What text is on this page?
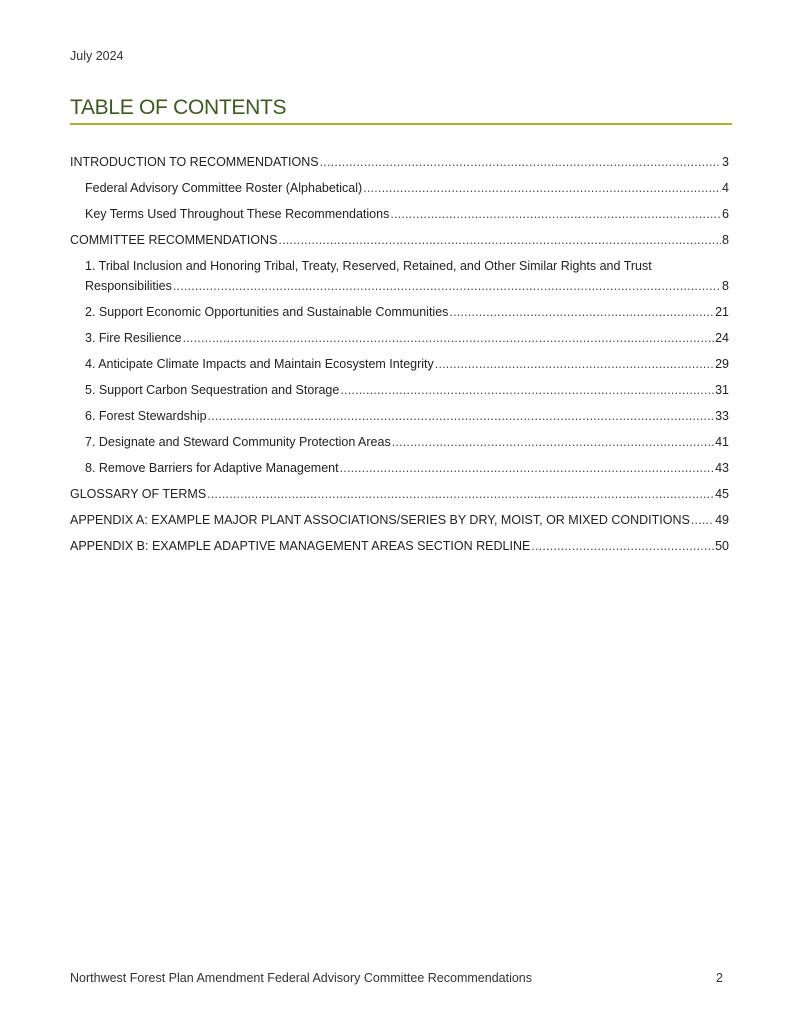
July 2024
TABLE OF CONTENTS
INTRODUCTION TO RECOMMENDATIONS .....	3
Federal Advisory Committee Roster (Alphabetical) .....	4
Key Terms Used Throughout These Recommendations .....	6
COMMITTEE RECOMMENDATIONS .....	8
1. Tribal Inclusion and Honoring Tribal, Treaty, Reserved, Retained, and Other Similar Rights and Trust
Responsibilities .....	8
2. Support Economic Opportunities and Sustainable Communities .....	21
3. Fire Resilience .....	24
4. Anticipate Climate Impacts and Maintain Ecosystem Integrity .....	29
5. Support Carbon Sequestration and Storage .....	31
6. Forest Stewardship .....	33
7. Designate and Steward Community Protection Areas .....	41
8. Remove Barriers for Adaptive Management .....	43
GLOSSARY OF TERMS .....	45
APPENDIX A: EXAMPLE MAJOR PLANT ASSOCIATIONS/SERIES BY DRY, MOIST, OR MIXED CONDITIONS ..... 49
APPENDIX B: EXAMPLE ADAPTIVE MANAGEMENT AREAS SECTION REDLINE .....	50
Northwest Forest Plan Amendment Federal Advisory Committee Recommendations	2
